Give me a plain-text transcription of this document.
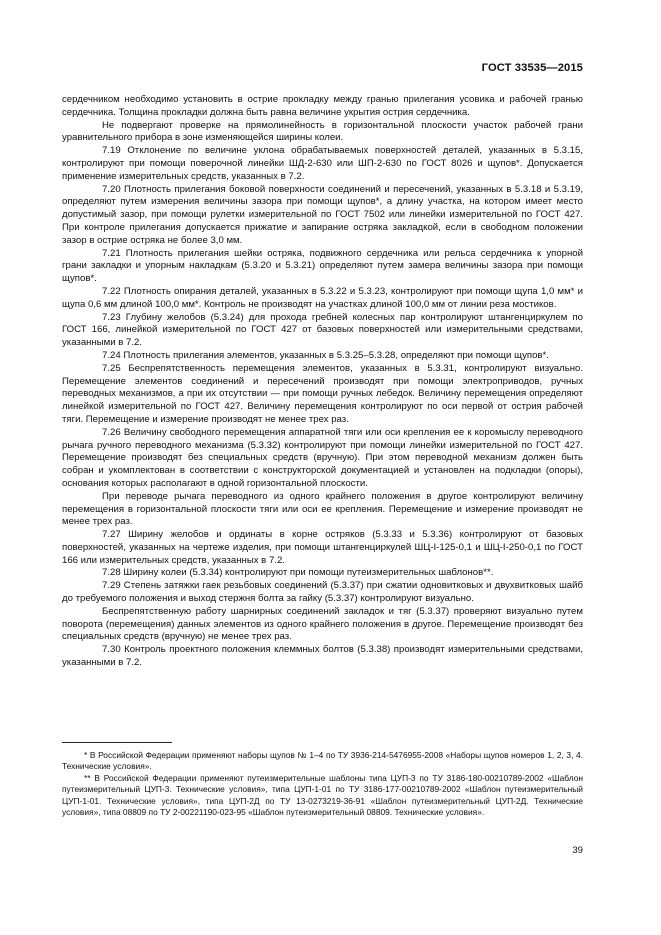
ГОСТ 33535—2015

сердечником необходимо установить в острие прокладку между гранью прилегания усовика и рабочей гранью сердечника. Толщина прокладки должна быть равна величине укрытия острия сердечника.

Не подвергают проверке на прямолинейность в горизонтальной плоскости участок рабочей грани уравнительного прибора в зоне изменяющейся ширины колеи.

7.19 Отклонение по величине уклона обрабатываемых поверхностей деталей, указанных в 5.3.15, контролируют при помощи поверочной линейки ШД-2-630 или ШП-2-630 по ГОСТ 8026 и щупов*. Допускается применение измерительных средств, указанных в 7.2.

7.20 Плотность прилегания боковой поверхности соединений и пересечений, указанных в 5.3.18 и 5.3.19, определяют путем измерения величины зазора при помощи щупов*, а длину участка, на котором имеет место допустимый зазор, при помощи рулетки измерительной по ГОСТ 7502 или линейки измерительной по ГОСТ 427. При контроле прилегания допускается прижатие и запирание остряка закладкой, если в свободном положении зазор в острие остряка не более 3,0 мм.

7.21 Плотность прилегания шейки остряка, подвижного сердечника или рельса сердечника к упорной грани закладки и упорным накладкам (5.3.20 и 5.3.21) определяют путем замера величины зазора при помощи щупов*.

7.22 Плотность опирания деталей, указанных в 5.3.22 и 5.3.23, контролируют при помощи щупа 1,0 мм* и щупа 0,6 мм длиной 100,0 мм*. Контроль не производят на участках длиной 100,0 мм от линии реза мостиков.

7.23 Глубину желобов (5.3.24) для прохода гребней колесных пар контролируют штангенциркулем по ГОСТ 166, линейкой измерительной по ГОСТ 427 от базовых поверхностей или измерительными средствами, указанными в 7.2.

7.24 Плотность прилегания элементов, указанных в 5.3.25–5.3.28, определяют при помощи щупов*.

7.25 Беспрепятственность перемещения элементов, указанных в 5.3.31, контролируют визуально. Перемещение элементов соединений и пересечений производят при помощи электроприводов, ручных переводных механизмов, а при их отсутствии — при помощи ручных лебедок. Величину перемещения определяют линейкой измерительной по ГОСТ 427. Величину перемещения контролируют по оси первой от острия рабочей тяги. Перемещение и измерение производят не менее трех раз.

7.26 Величину свободного перемещения аппаратной тяги или оси крепления ее к коромыслу переводного рычага ручного переводного механизма (5.3.32) контролируют при помощи линейки измерительной по ГОСТ 427. Перемещение производят без специальных средств (вручную). При этом переводной механизм должен быть собран и укомплектован в соответствии с конструкторской документацией и установлен на подкладки (опоры), основания которых располагают в одной горизонтальной плоскости.

При переводе рычага переводного из одного крайнего положения в другое контролируют величину перемещения в горизонтальной плоскости тяги или оси ее крепления. Перемещение и измерение производят не менее трех раз.

7.27 Ширину желобов и ординаты в корне остряков (5.3.33 и 5.3.36) контролируют от базовых поверхностей, указанных на чертеже изделия, при помощи штангенциркулей ШЦ-I-125-0,1 и ШЦ-I-250-0,1 по ГОСТ 166 или измерительных средств, указанных в 7.2.

7.28 Ширину колеи (5.3.34) контролируют при помощи путеизмерительных шаблонов**.

7.29 Степень затяжки гаек резьбовых соединений (5.3.37) при сжатии одновитковых и двухвитковых шайб до требуемого положения и выход стержня болта за гайку (5.3.37) контролируют визуально.

Беспрепятственную работу шарнирных соединений закладок и тяг (5.3.37) проверяют визуально путем поворота (перемещения) данных элементов из одного крайнего положения в другое. Перемещение производят без специальных средств (вручную) не менее трех раз.

7.30 Контроль проектного положения клеммных болтов (5.3.38) производят измерительными средствами, указанными в 7.2.

* В Российской Федерации применяют наборы щупов № 1–4 по ТУ 3936-214-5476955-2008 «Наборы щупов номеров 1, 2, 3, 4. Технические условия».

** В Российской Федерации применяют путеизмерительные шаблоны типа ЦУП-3 по ТУ 3186-180-00210789-2002 «Шаблон путеизмерительный ЦУП-3. Технические условия», типа ЦУП-1-01 по ТУ 3186-177-00210789-2002 «Шаблон путеизмерительный ЦУП-1-01. Технические условия», типа ЦУП-2Д по ТУ 13-0273219-36-91 «Шаблон путеизмерительный ЦУП-2Д. Технические условия», типа 08809 по ТУ 2-00221190-023-95 «Шаблон путеизмерительный 08809. Технические условия».

39
